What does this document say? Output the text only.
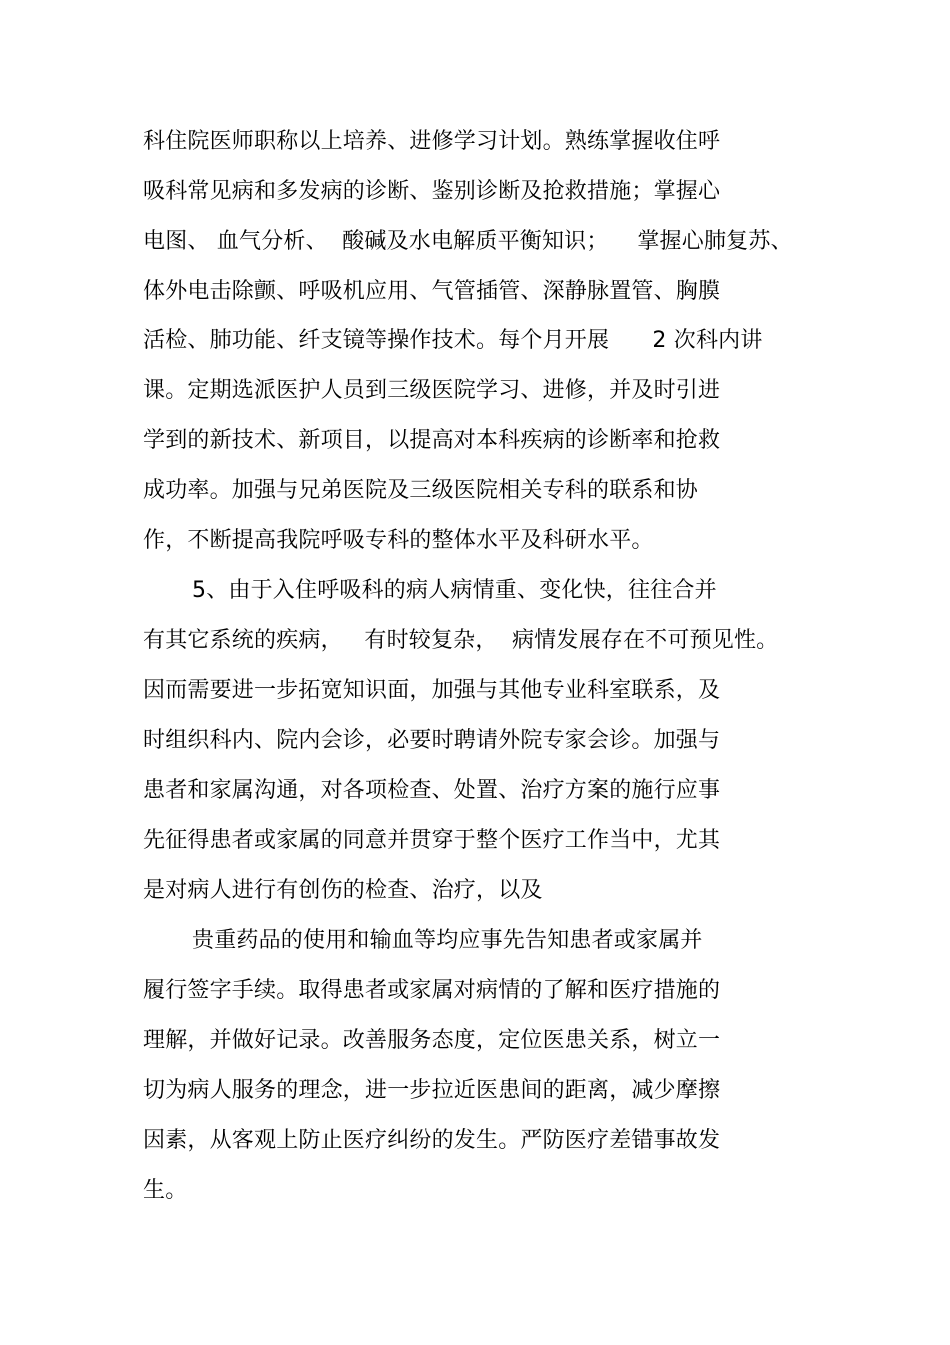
科住院医师职称以上培养、进修学习计划。熟练掌握收住呼
吸科常见病和多发病的诊断、鉴别诊断及抢救措施；掌握心
电图、 血气分析、  酸碱及水电解质平衡知识；    掌握心肺复苏、
体外电击除颤、呼吸机应用、气管插管、深静脉置管、胸膜
活检、肺功能、纤支镜等操作技术。每个月开展      2 次科内讲
课。定期选派医护人员到三级医院学习、进修，并及时引进
学到的新技术、新项目，以提高对本科疾病的诊断率和抢救
成功率。加强与兄弟医院及三级医院相关专科的联系和协
作，不断提高我院呼吸专科的整体水平及科研水平。
5、由于入住呼吸科的病人病情重、变化快，往往合并
有其它系统的疾病，   有时较复杂，  病情发展存在不可预见性。
因而需要进一步拓宽知识面，加强与其他专业科室联系，及
时组织科内、院内会诊，必要时聘请外院专家会诊。加强与
患者和家属沟通，对各项检查、处置、治疗方案的施行应事
先征得患者或家属的同意并贯穿于整个医疗工作当中，尤其
是对病人进行有创伤的检查、治疗，以及
贵重药品的使用和输血等均应事先告知患者或家属并
履行签字手续。取得患者或家属对病情的了解和医疗措施的
理解，并做好记录。改善服务态度，定位医患关系，树立一
切为病人服务的理念，进一步拉近医患间的距离，减少摩擦
因素，从客观上防止医疗纠纷的发生。严防医疗差错事故发
生。
